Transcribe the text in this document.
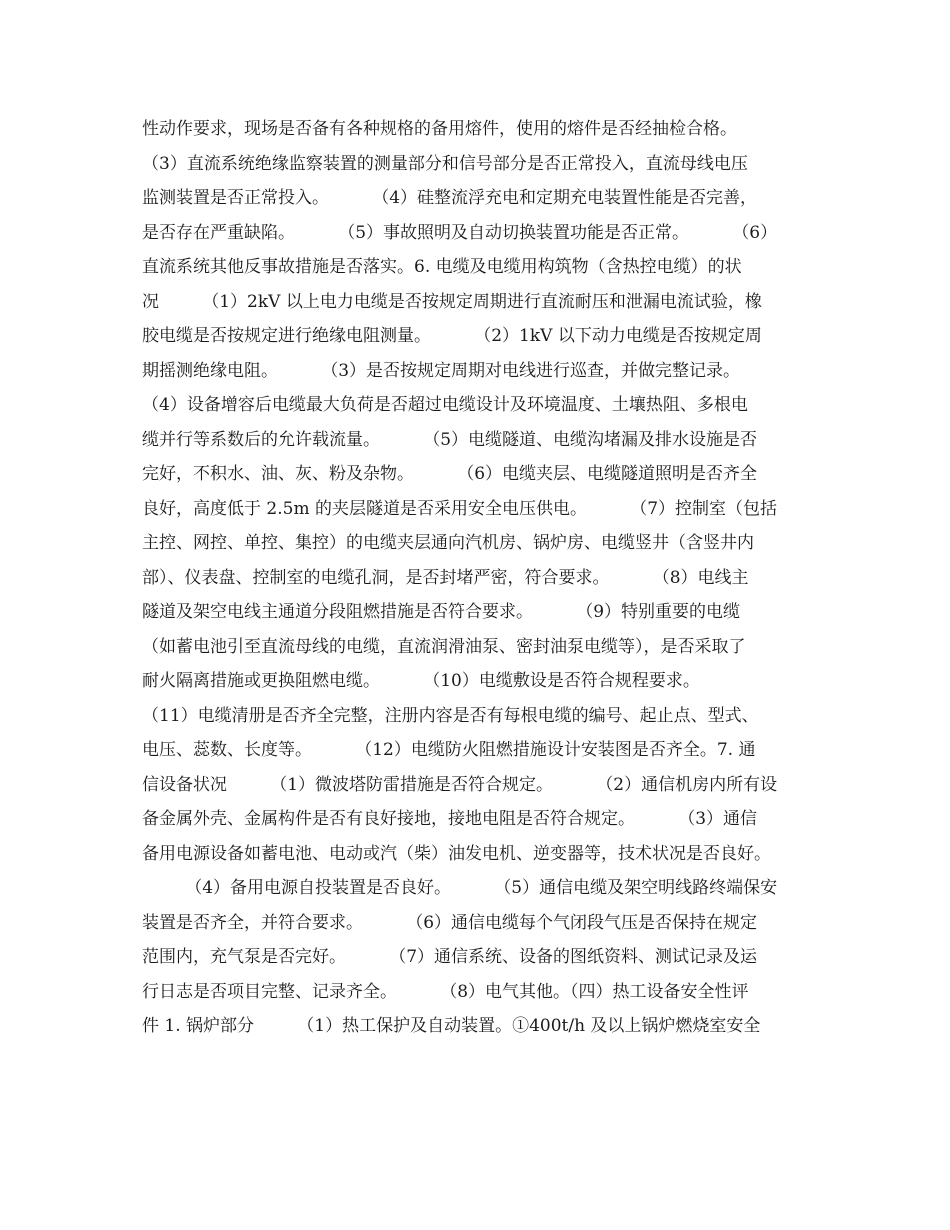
性动作要求，现场是否备有各种规格的备用熔件，使用的熔件是否经抽检合格。
（3）直流系统绝缘监察装置的测量部分和信号部分是否正常投入，直流母线电压
监测装置是否正常投入。        （4）硅整流浮充电和定期充电装置性能是否完善，
是否存在严重缺陷。        （5）事故照明及自动切换装置功能是否正常。        （6）
直流系统其他反事故措施是否落实。6. 电缆及电缆用构筑物（含热控电缆）的状
况        （1）2kV 以上电力电缆是否按规定周期进行直流耐压和泄漏电流试验，橡
胶电缆是否按规定进行绝缘电阻测量。        （2）1kV 以下动力电缆是否按规定周
期摇测绝缘电阻。        （3）是否按规定周期对电线进行巡查，并做完整记录。
（4）设备增容后电缆最大负荷是否超过电缆设计及环境温度、土壤热阻、多根电
缆并行等系数后的允许载流量。        （5）电缆隧道、电缆沟堵漏及排水设施是否
完好，不积水、油、灰、粉及杂物。        （6）电缆夹层、电缆隧道照明是否齐全
良好，高度低于 2.5m 的夹层隧道是否采用安全电压供电。        （7）控制室（包括
主控、网控、单控、集控）的电缆夹层通向汽机房、锅炉房、电缆竖井（含竖井内
部）、仪表盘、控制室的电缆孔洞，是否封堵严密，符合要求。        （8）电线主
隧道及架空电线主通道分段阻燃措施是否符合要求。        （9）特别重要的电缆
（如蓄电池引至直流母线的电缆，直流润滑油泵、密封油泵电缆等），是否采取了
耐火隔离措施或更换阻燃电缆。        （10）电缆敷设是否符合规程要求。
（11）电缆清册是否齐全完整，注册内容是否有每根电缆的编号、起止点、型式、
电压、蕊数、长度等。        （12）电缆防火阻燃措施设计安装图是否齐全。7. 通
信设备状况        （1）微波塔防雷措施是否符合规定。        （2）通信机房内所有设
备金属外壳、金属构件是否有良好接地，接地电阻是否符合规定。        （3）通信
备用电源设备如蓄电池、电动或汽（柴）油发电机、逆变器等，技术状况是否良好。
（4）备用电源自投装置是否良好。        （5）通信电缆及架空明线路终端保安
装置是否齐全，并符合要求。        （6）通信电缆每个气闭段气压是否保持在规定
范围内，充气泵是否完好。        （7）通信系统、设备的图纸资料、测试记录及运
行日志是否项目完整、记录齐全。        （8）电气其他。（四）热工设备安全性评
件 1. 锅炉部分        （1）热工保护及自动装置。①400t/h 及以上锅炉燃烧室安全
